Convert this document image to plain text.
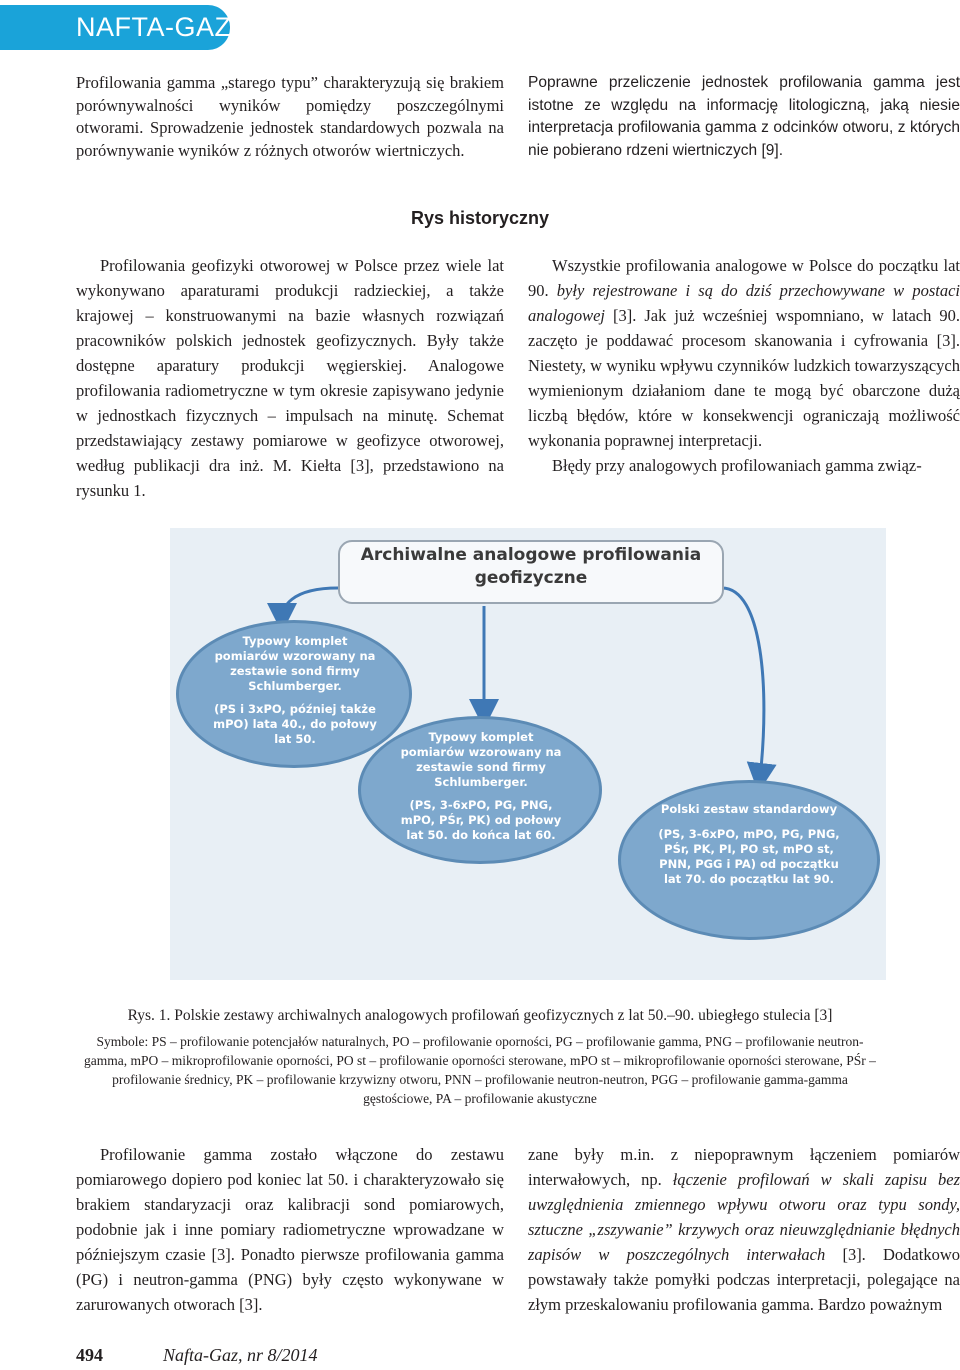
NAFTA-GAZ
Profilowania gamma „starego typu” charakteryzują się brakiem porównywalności wyników pomiędzy poszczególnymi otworami. Sprowadzenie jednostek standardowych pozwala na porównywanie wyników z różnych otworów wiertniczych.
Poprawne przeliczenie jednostek profilowania gamma jest istotne ze względu na informację litologiczną, jaką niesie interpretacja profilowania gamma z odcinków otworu, z których nie pobierano rdzeni wiertniczych [9].
Rys historyczny
Profilowania geofizyki otworowej w Polsce przez wiele lat wykonywano aparaturami produkcji radzieckiej, a także krajowej – konstruowanymi na bazie własnych rozwiązań pracowników polskich jednostek geofizycznych. Były także dostępne aparatury produkcji węgierskiej. Analogowe profilowania radiometryczne w tym okresie zapisywano jedynie w jednostkach fizycznych – impulsach na minutę. Schemat przedstawiający zestawy pomiarowe w geofizyce otworowej, według publikacji dra inż. M. Kiełta [3], przedstawiono na rysunku 1.
Wszystkie profilowania analogowe w Polsce do początku lat 90. były rejestrowane i są do dziś przechowywane w postaci analogowej [3]. Jak już wcześniej wspomniano, w latach 90. zaczęto je poddawać procesom skanowania i cyfrowania [3]. Niestety, w wyniku wpływu czynników ludzkich towarzyszących wymienionym działaniom dane te mogą być obarczone dużą liczbą błędów, które w konsekwencji ograniczają możliwość wykonania poprawnej interpretacji.
Błędy przy analogowych profilowaniach gamma związ-
Archiwalne analogowe profilowania
geofizyczne
Typowy komplet
pomiarów wzorowany na
zestawie sond firmy
Schlumberger.
(PS i 3xPO, później także
mPO) lata 40., do połowy
lat 50.	Typowy komplet
pomiarów wzorowany na
zestawie sond firmy
Schlumberger.
(PS, 3-6xPO, PG, PNG,
mPO, PŚr, PK) od połowy
lat 50. do końca lat 60.
Polski zestaw standardowy
(PS, 3-6xPO, mPO, PG, PNG,
PŚr, PK, PI, PO st, mPO st,
PNN, PGG i PA) od początku
lat 70. do początku lat 90.
Rys. 1. Polskie zestawy archiwalnych analogowych profilowań geofizycznych z lat 50.–90. ubiegłego stulecia [3]
Symbole: PS – profilowanie potencjałów naturalnych, PO – profilowanie oporności, PG – profilowanie gamma, PNG – profilowanie neutron-gamma, mPO – mikroprofilowanie oporności, PO st – profilowanie oporności sterowane, mPO st – mikroprofilowanie oporności sterowane, PŚr – profilowanie średnicy, PK – profilowanie krzywizny otworu, PNN – profilowanie neutron-neutron, PGG – profilowanie gamma-gamma gęstościowe, PA – profilowanie akustyczne
Profilowanie gamma zostało włączone do zestawu pomiarowego dopiero pod koniec lat 50. i charakteryzowało się brakiem standaryzacji oraz kalibracji sond pomiarowych, podobnie jak i inne pomiary radiometryczne wprowadzane w późniejszym czasie [3]. Ponadto pierwsze profilowania gamma (PG) i neutron-gamma (PNG) były często wykonywane w zarurowanych otworach [3].
zane były m.in. z niepoprawnym łączeniem pomiarów interwałowych, np. łączenie profilowań w skali zapisu bez uwzględnienia zmiennego wpływu otworu oraz typu sondy, sztuczne „zszywanie” krzywych oraz nieuwzględnianie błędnych zapisów w poszczególnych interwałach [3]. Dodatkowo powstawały także pomyłki podczas interpretacji, polegające na złym przeskalowaniu profilowania gamma. Bardzo poważnym
494	Nafta-Gaz, nr 8/2014
